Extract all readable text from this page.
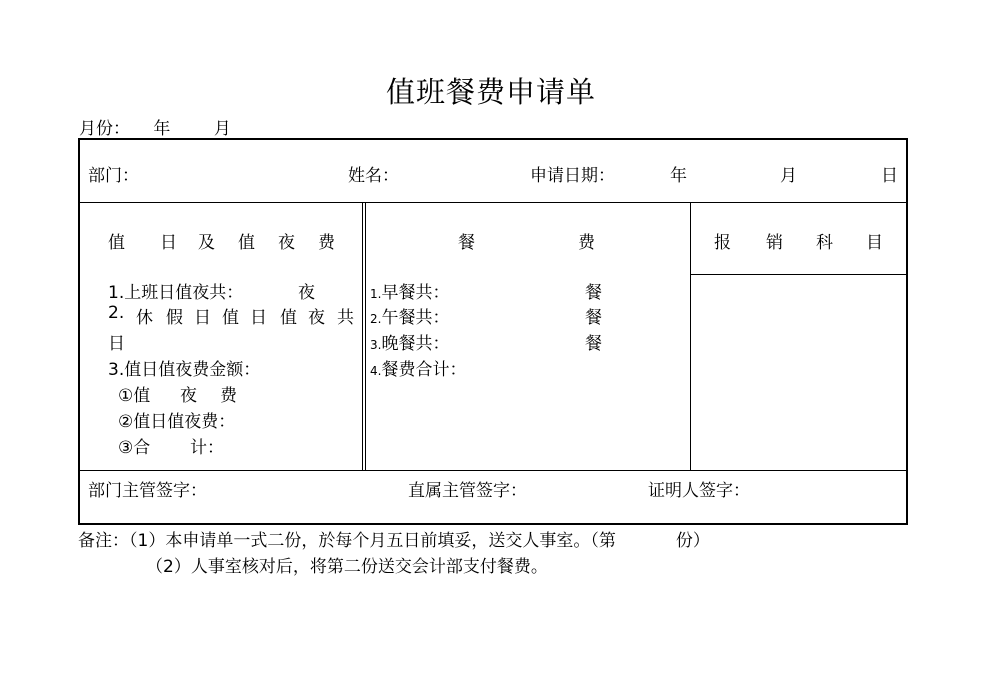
值班餐费申请单
月份： 年	月
部门：	姓名：	申请日期：	年	月	日
值 日 及 值 夜 费
1.上班日值夜共：	夜
2. 休 假 日 值 日 值 夜 共
日
3.值日值夜费金额：
①值 夜 费
②值日值夜费：
③合 计：
餐	费
1.早餐共：	餐
2.午餐共：	餐
3.晚餐共：	餐
4.餐费合计：
报 销 科 目
部门主管签字：	直属主管签字：	证明人签字：
备注：（1）本申请单一式二份，於每个月五日前填妥，送交人事室。（第	份）
（2）人事室核对后，将第二份送交会计部支付餐费。
